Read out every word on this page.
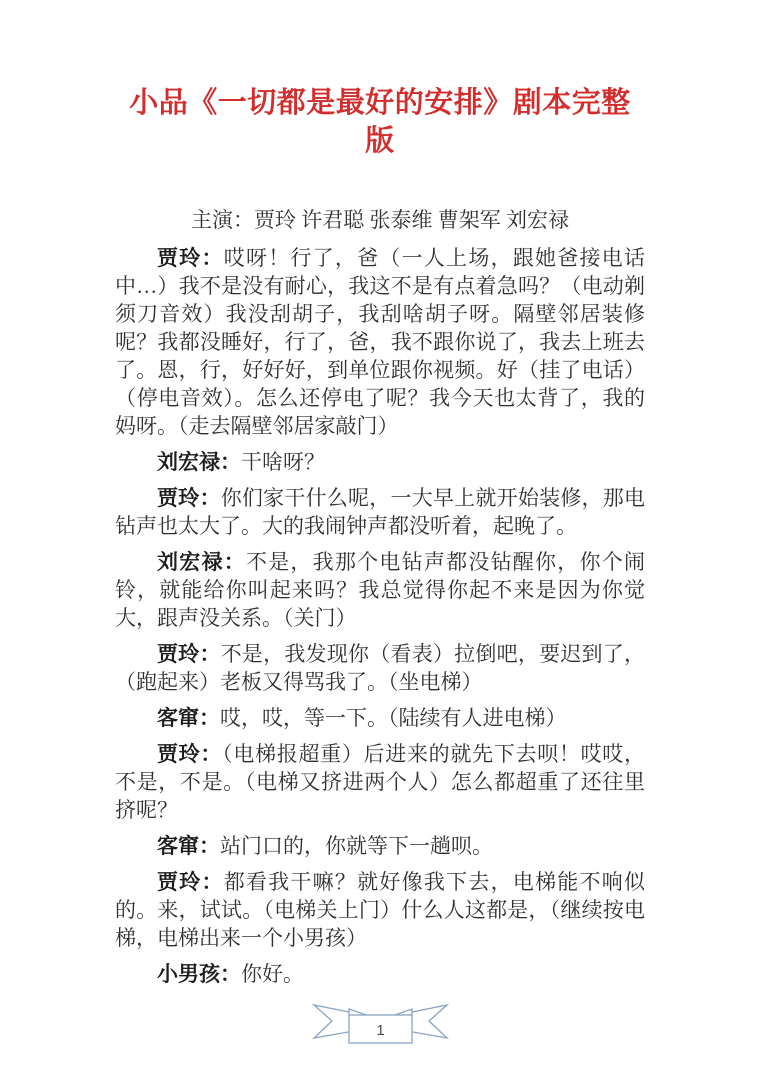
小品《一切都是最好的安排》剧本完整版

主演：贾玲 许君聪 张泰维 曹架军 刘宏禄

贾玲：哎呀！行了，爸（一人上场，跟她爸接电话中…）我不是没有耐心，我这不是有点着急吗？（电动剃须刀音效）我没刮胡子，我刮啥胡子呀。隔壁邻居装修呢？我都没睡好，行了，爸，我不跟你说了，我去上班去了。恩，行，好好好，到单位跟你视频。好（挂了电话）（停电音效）。怎么还停电了呢？我今天也太背了，我的妈呀。（走去隔壁邻居家敲门）

刘宏禄：干啥呀？

贾玲：你们家干什么呢，一大早上就开始装修，那电钻声也太大了。大的我闹钟声都没听着，起晚了。

刘宏禄：不是，我那个电钻声都没钻醒你，你个闹铃，就能给你叫起来吗？我总觉得你起不来是因为你觉大，跟声没关系。（关门）

贾玲：不是，我发现你（看表）拉倒吧，要迟到了，（跑起来）老板又得骂我了。（坐电梯）

客窜：哎，哎，等一下。（陆续有人进电梯）

贾玲：（电梯报超重）后进来的就先下去呗！哎哎，不是，不是。（电梯又挤进两个人）怎么都超重了还往里挤呢？

客窜：站门口的，你就等下一趟呗。

贾玲：都看我干嘛？就好像我下去，电梯能不响似的。来，试试。（电梯关上门）什么人这都是，（继续按电梯，电梯出来一个小男孩）

小男孩：你好。

1
